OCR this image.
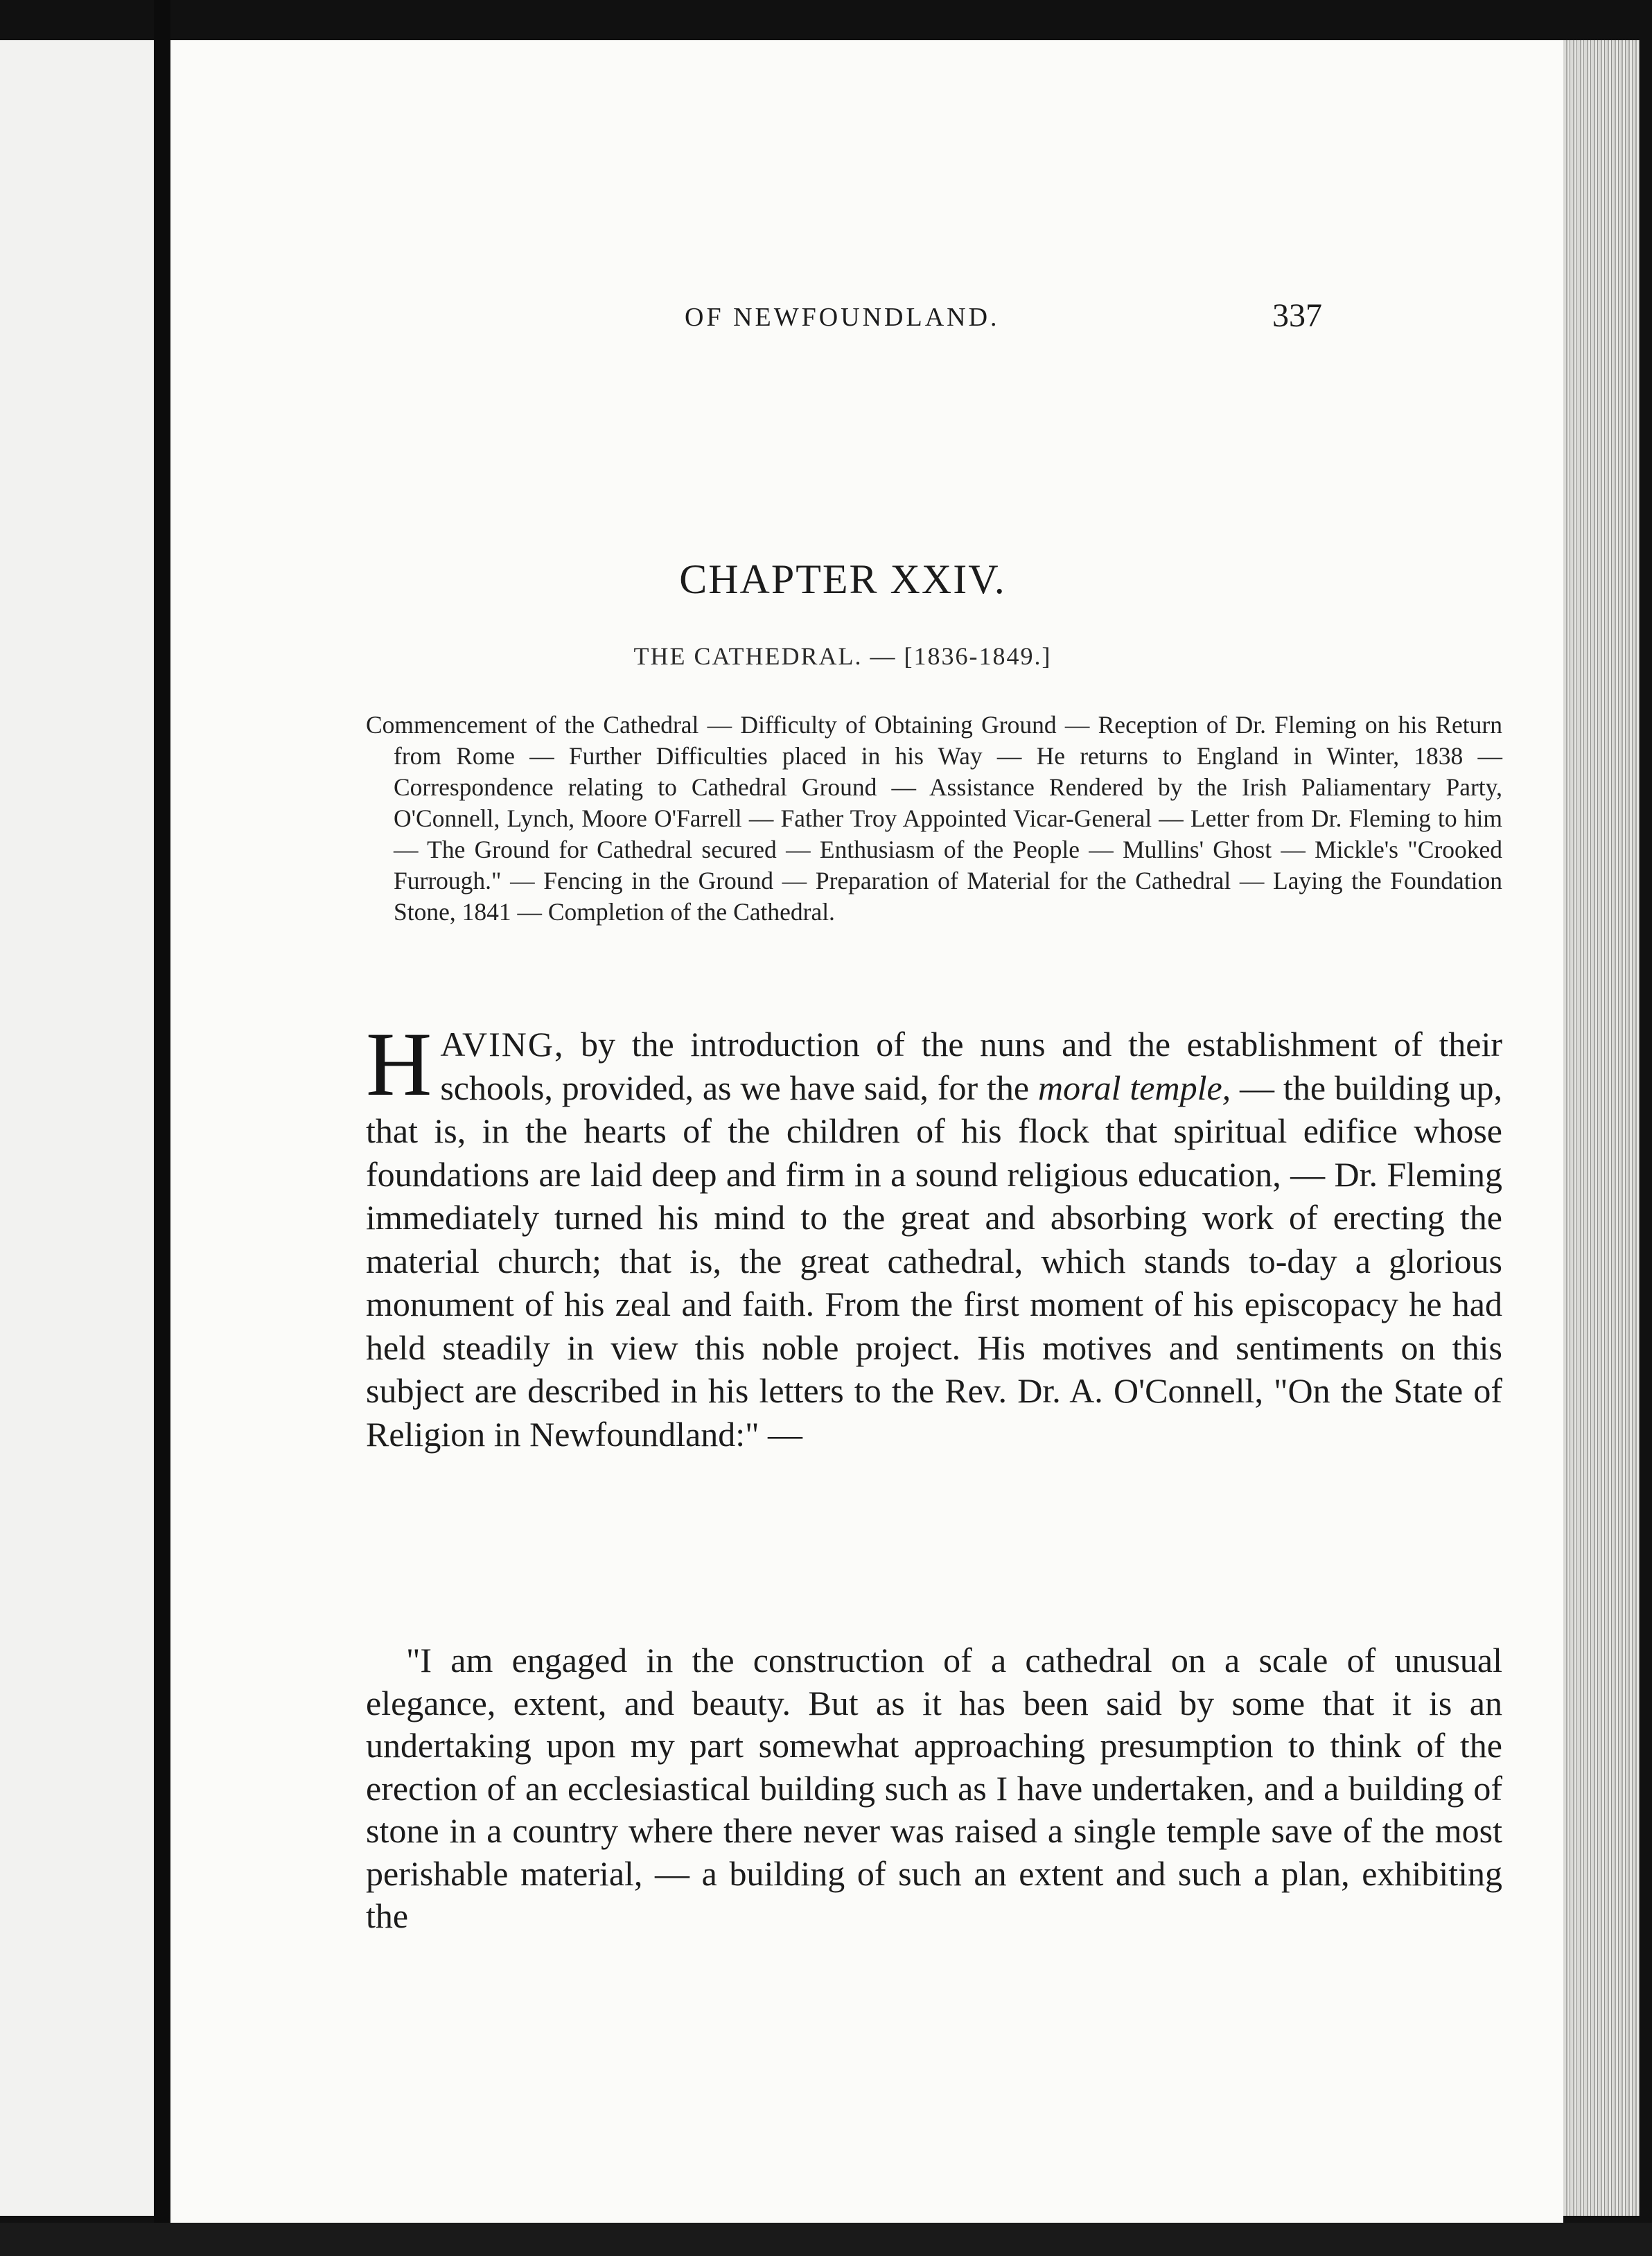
OF NEWFOUNDLAND.	337
CHAPTER XXIV.
THE CATHEDRAL. — [1836-1849.]

Commencement of the Cathedral — Difficulty of Obtaining Ground — Reception of Dr. Fleming on his Return from Rome — Further Difficulties placed in his Way — He returns to England in Winter, 1838 — Correspondence relating to Cathedral Ground — Assistance Rendered by the Irish Paliamentary Party, O'Connell, Lynch, Moore O'Farrell — Father Troy Appointed Vicar-General — Letter from Dr. Fleming to him — The Ground for Cathedral secured — Enthusiasm of the People — Mullins' Ghost — Mickle's "Crooked Furrough." — Fencing in the Ground — Preparation of Material for the Cathedral — Laying the Foundation Stone, 1841 — Completion of the Cathedral.

HAVING, by the introduction of the nuns and the establishment of their schools, provided, as we have said, for the moral temple, — the building up, that is, in the hearts of the children of his flock that spiritual edifice whose foundations are laid deep and firm in a sound religious education, — Dr. Fleming immediately turned his mind to the great and absorbing work of erecting the material church; that is, the great cathedral, which stands to-day a glorious monument of his zeal and faith. From the first moment of his episcopacy he had held steadily in view this noble project. His motives and sentiments on this subject are described in his letters to the Rev. Dr. A. O'Connell, "On the State of Religion in Newfoundland:" —

"I am engaged in the construction of a cathedral on a scale of unusual elegance, extent, and beauty. But as it has been said by some that it is an undertaking upon my part somewhat approaching presumption to think of the erection of an ecclesiastical building such as I have undertaken, and a building of stone in a country where there never was raised a single temple save of the most perishable material, — a building of such an extent and such a plan, exhibiting the
